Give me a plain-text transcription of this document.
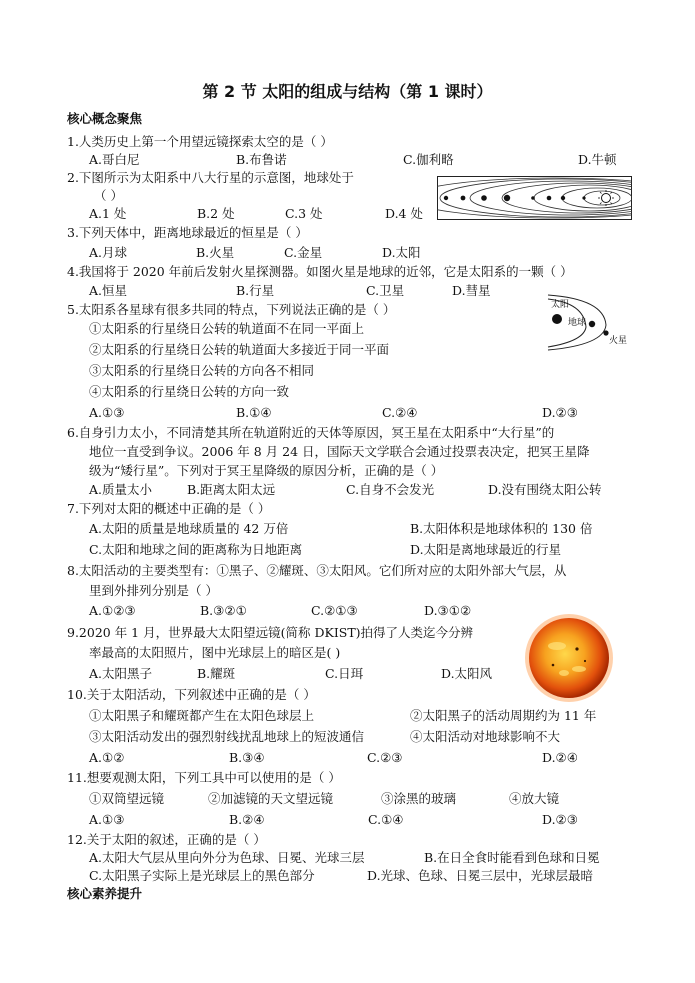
第 2 节 太阳的组成与结构（第 1 课时）
核心概念聚焦
1.人类历史上第一个用望远镜探索太空的是（ ）
A.哥白尼	B.布鲁诺	C.伽利略	D.牛顿
2.下图所示为太阳系中八大行星的示意图，地球处于
（ ）
A.1 处	B.2 处	C.3 处	D.4 处
3.下列天体中，距离地球最近的恒星是（ ）
A.月球	B.火星	C.金星	D.太阳
4.我国将于 2020 年前后发射火星探测器。如图火星是地球的近邻，它是太阳系的一颗（ ）
A.恒星	B.行星	C.卫星	D.彗星
太阳
地球
火星
5.太阳系各星球有很多共同的特点，下列说法正确的是（ ）
①太阳系的行星绕日公转的轨道面不在同一平面上
②太阳系的行星绕日公转的轨道面大多接近于同一平面
③太阳系的行星绕日公转的方向各不相同
④太阳系的行星绕日公转的方向一致
A.①③	B.①④	C.②④	D.②③
6.自身引力太小，不同清楚其所在轨道附近的天体等原因，冥王星在太阳系中“大行星”的
地位一直受到争议。2006 年 8 月 24 日，国际天文学联合会通过投票表决定，把冥王星降
级为“矮行星”。下列对于冥王星降级的原因分析，正确的是（ ）
A.质量太小	B.距离太阳太远	C.自身不会发光	D.没有围绕太阳公转
7.下列对太阳的概述中正确的是（ ）
A.太阳的质量是地球质量的 42 万倍	B.太阳体积是地球体积的 130 倍
C.太阳和地球之间的距离称为日地距离	D.太阳是离地球最近的行星
8.太阳活动的主要类型有：①黑子、②耀斑、③太阳风。它们所对应的太阳外部大气层，从
里到外排列分别是（ ）
A.①②③	B.③②①	C.②①③	D.③①②
9.2020 年 1 月，世界最大太阳望远镜(简称 DKIST)拍得了人类迄今分辨
率最高的太阳照片，图中光球层上的暗区是( )
A.太阳黑子	B.耀斑	C.日珥	D.太阳风
10.关于太阳活动，下列叙述中正确的是（ ）
①太阳黑子和耀斑都产生在太阳色球层上	②太阳黑子的活动周期约为 11 年
③太阳活动发出的强烈射线扰乱地球上的短波通信	④太阳活动对地球影响不大
A.①②	B.③④	C.②③	D.②④
11.想要观测太阳，下列工具中可以使用的是（ ）
①双筒望远镜	②加滤镜的天文望远镜	③涂黑的玻璃	④放大镜
A.①③	B.②④	C.①④	D.②③
12.关于太阳的叙述，正确的是（ ）
A.太阳大气层从里向外分为色球、日冕、光球三层	B.在日全食时能看到色球和日冕
C.太阳黑子实际上是光球层上的黑色部分	D.光球、色球、日冕三层中，光球层最暗
核心素养提升
